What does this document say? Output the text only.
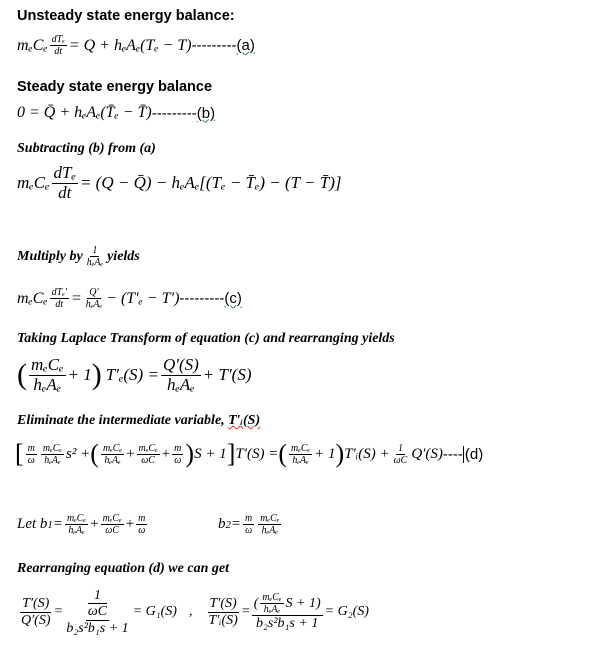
Unsteady state energy balance:
mₑCₑ $\frac{\text{dTₑ}}{dt} = Q + h_eA_e(T_e - T)$ --------- (a)
Steady state energy balance
0 = Q̄ + hₑAₑ(T̄ₑ − T̄) --------- (b)
Subtracting (b) from (a)
mₑCₑ $\frac{\text{dTₑ}}{dt} = (Q$ − Q̄) − hₑAₑ[(Tₑ − T̄ₑ) − (T − T̄)]
Multiply by $\frac{1}{\text{hₑAₑ}}$ yields
mₑCₑ $\frac{\text{dTₑ′}}{dt} = \frac{Q'}{\text{hₑAₑ}} - (T'_e - T')$ --------- (c)
Taking Laplace Transform of equation (c) and rearranging yields
( $\frac{\text{mₑCₑ}}{\text{hₑAₑ}} + 1$ ) $T'_e(S) = \frac{Q'(S)}{\text{hₑAₑ}} + T'(S)$
Eliminate the intermediate variable, T′ᵢ(S)
[ $\frac{m}{\omega} \frac{\text{mₑCₑ}}{\text{hₑAₑ}} s^2$ + ( $\frac{\text{mₑCₑ}}{\text{hₑAₑ}} + \frac{\text{mₑCₑ}}{\omega C} + \frac{m}{\omega}$ ) S + 1 ] T′(S) = ( $\frac{\text{mₑCₑ}}{\text{hₑAₑ}} + 1$ ) T′ᵢ(S) + $\frac{1}{\omega C} Q'(S)$ ---- (d)
Let b $1 = \frac{\text{mₑCₑ}}{\text{hₑAₑ}} + \frac{\text{mₑCₑ}}{\omega C} + \frac{m}{\omega}$	b $2 = \frac{m}{\omega} \frac{\text{mₑCₑ}}{\text{hₑAₑ}}$
Rearranging equation (d) we can get
$\frac{T'(S)}{Q'(S)} = \frac{\frac{1}{\omega C}}{\text{b₂s²b₁s + 1}} = G_1(S)$ , $\frac{T'(S)}{\text{T′ᵢ(S)}} = \frac{( \frac{\text{mₑCₑ}}{\text{hₑAₑ}} S + 1)}{\text{b₂s²b₁s + 1}} = G_2(S)$
